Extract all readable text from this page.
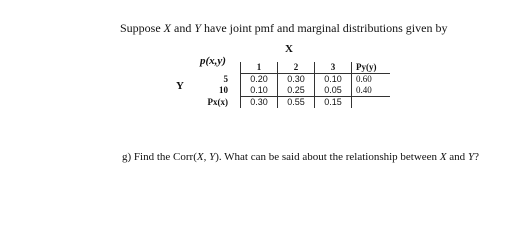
Suppose X and Y have joint pmf and marginal distributions given by
X
p(x,y)
Y
	1	2	3	Py(y)
5	0.20	0.30	0.10	0.60
10	0.10	0.25	0.05	0.40
Px(x)	0.30	0.55	0.15	
g) Find the Corr(X, Y). What can be said about the relationship between X and Y?
